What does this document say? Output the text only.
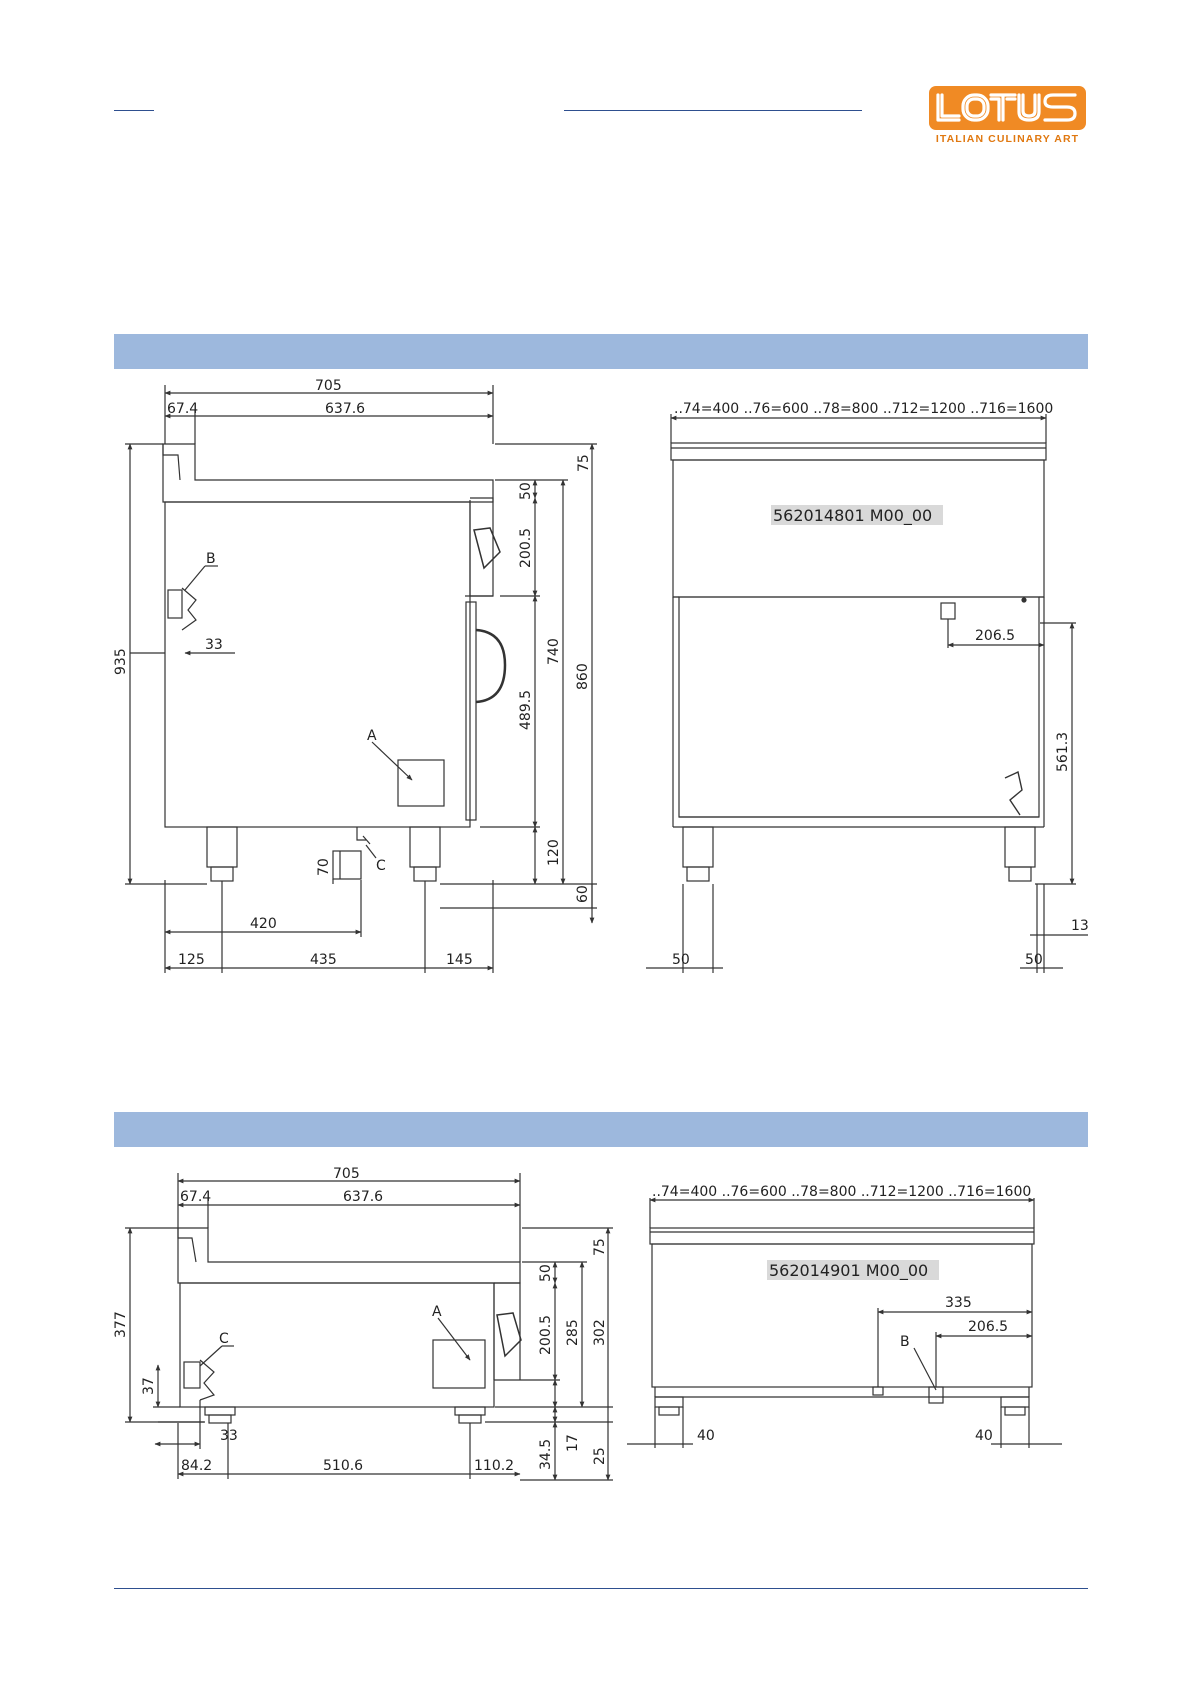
ITALIAN CULINARY ART
705
67.4	637.6
75
50
200.5
489.5
740
860
935
120
60
70
33
420
125	435	145
A
B
C
..74=400 ..76=600 ..78=800 ..712=1200 ..716=1600
562014801 M00_00
206.5
561.3
13
50	50
705
67.4	637.6
75
50
200.5 285 302
377
37
33
34.5 17
25
84.2	510.6	110.2
A
C
..74=400 ..76=600 ..78=800 ..712=1200 ..716=1600
562014901 M00_00
335
206.5
B
40	40
